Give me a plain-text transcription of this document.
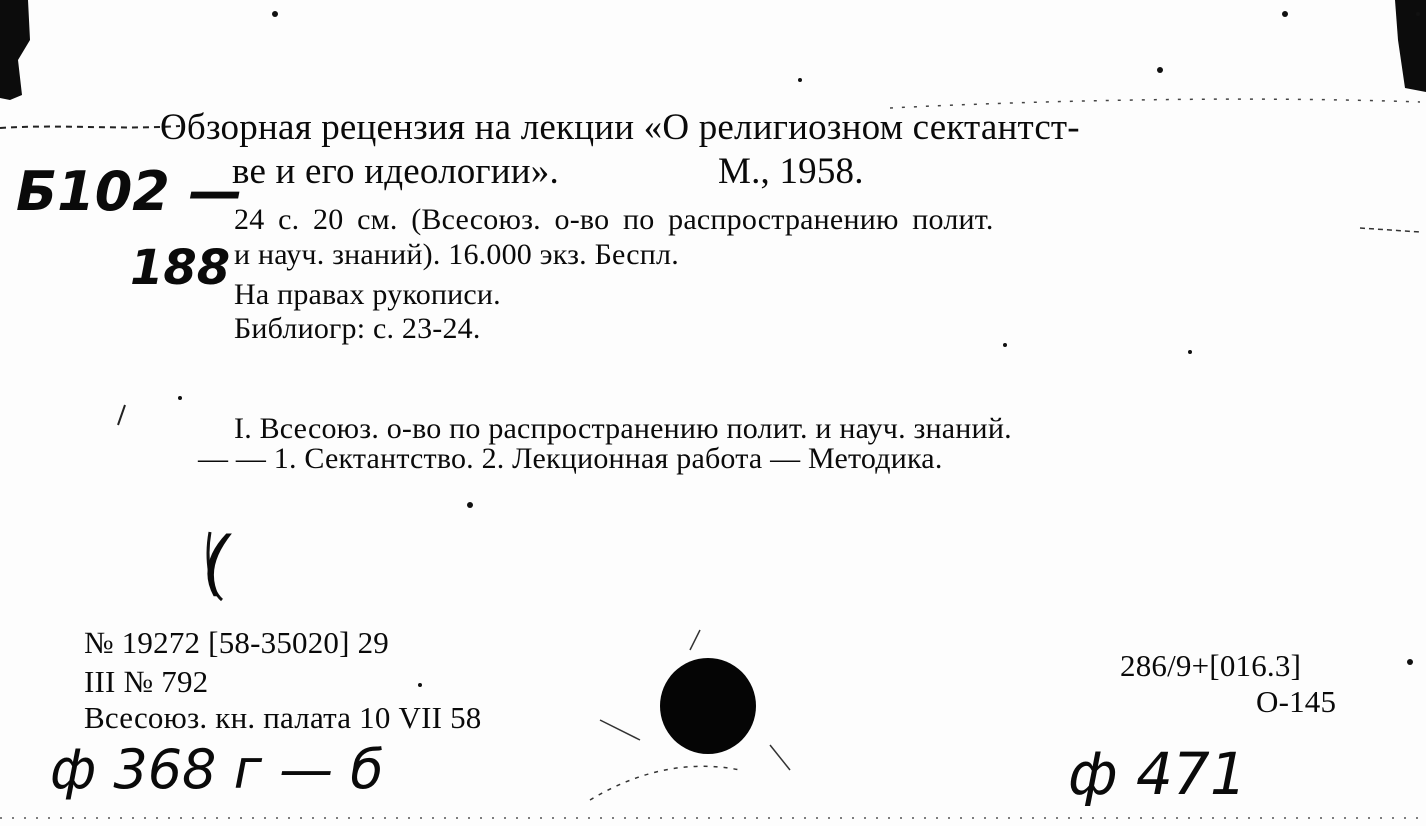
Обзорная рецензия на лекции «О религиозном сектантст-
ве и его идеологии».	М., 1958.
24 с. 20 см. (Всесоюз. о-во по распространению полит.
и науч. знаний). 16.000 экз. Беспл.
На правах рукописи.
Библиогр: с. 23-24.
I. Всесоюз. о-во по распространению полит. и науч. знаний.
— — 1. Сектантство. 2. Лекционная работа — Методика.
№ 19272 [58-35020] 29
III № 792
Всесоюз. кн. палата 10 VII 58
286/9+[016.3]
О-145
Б102 —
188
(
ф 368 г — б	ф 471
